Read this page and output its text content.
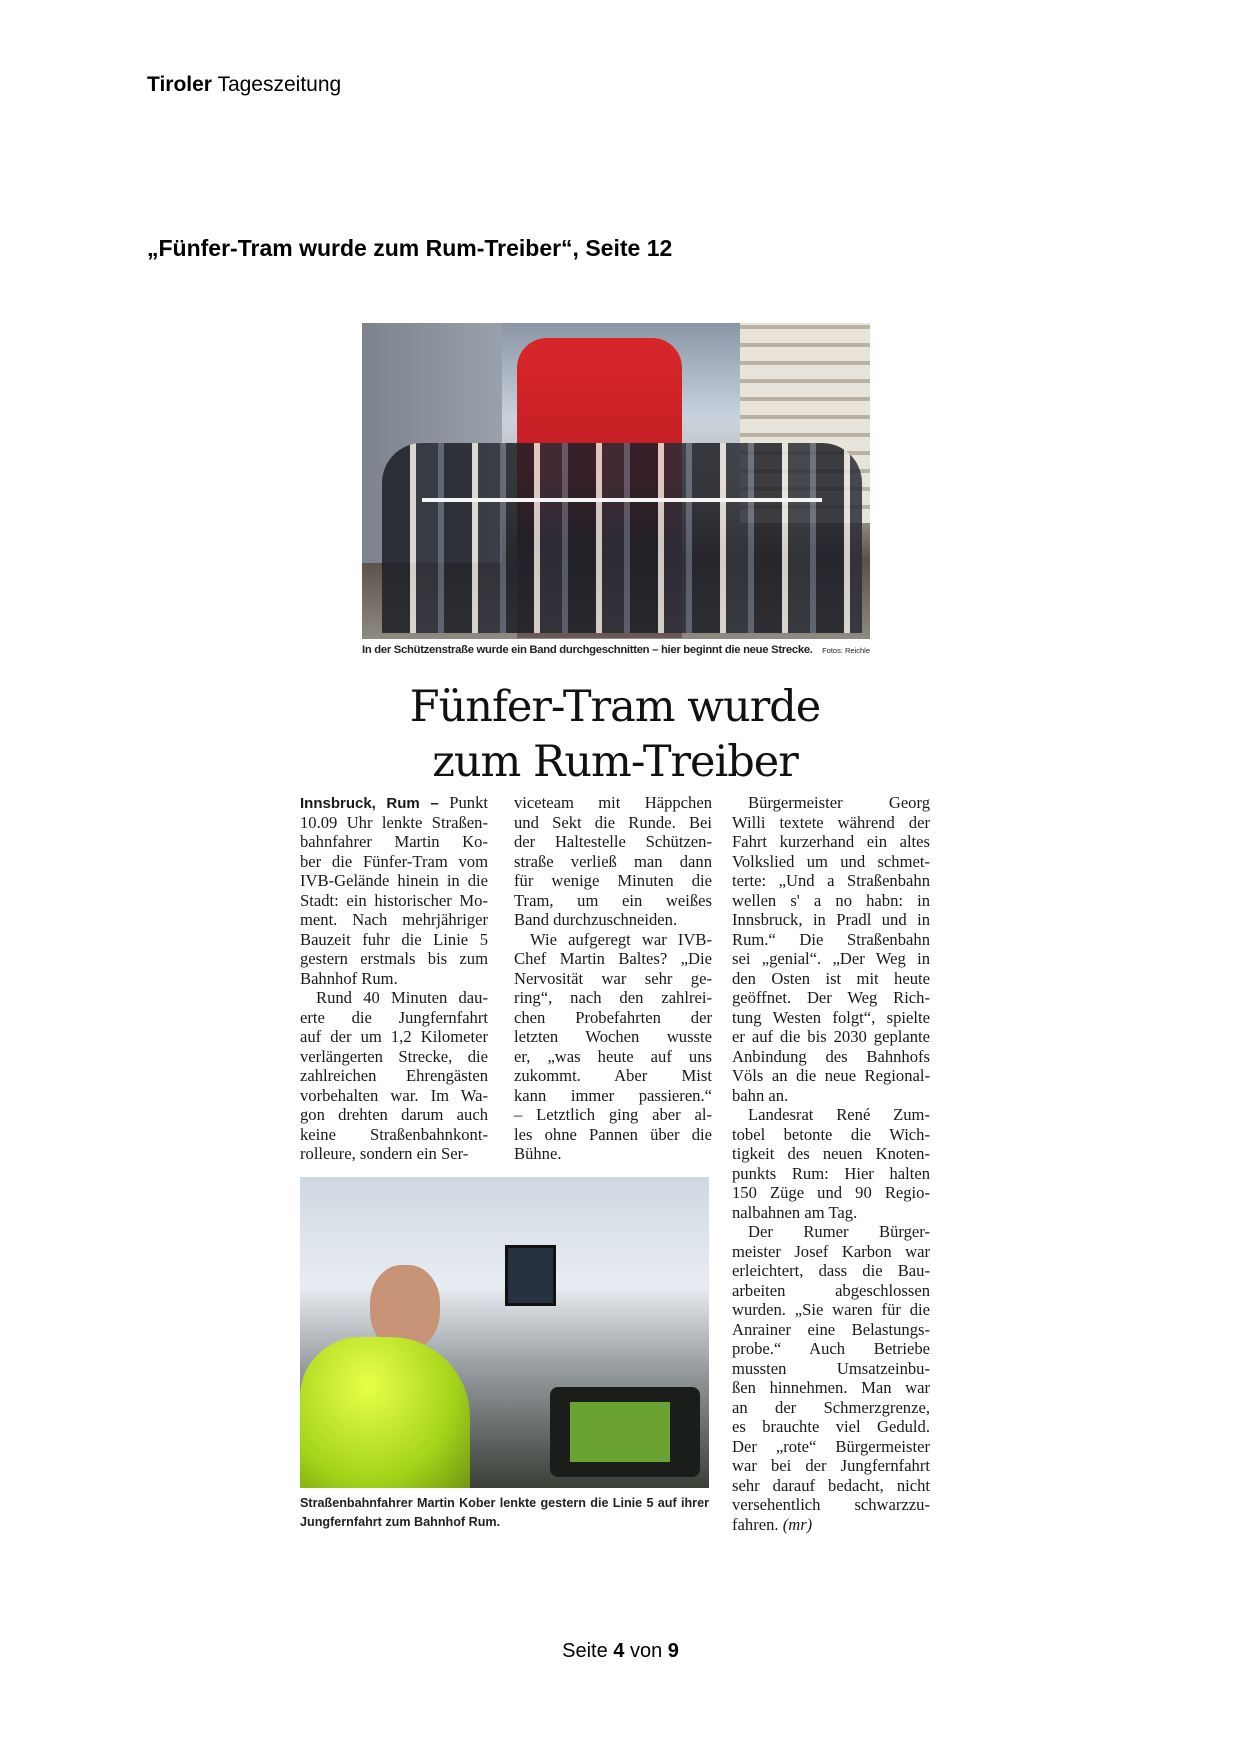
Tiroler Tageszeitung
„Fünfer-Tram wurde zum Rum-Treiber“, Seite 12
In der Schützenstraße wurde ein Band durchgeschnitten – hier beginnt die neue Strecke. Fotos: Reichle
Fünfer-Tram wurde
zum Rum-Treiber
Innsbruck, Rum – Punkt
10.09 Uhr lenkte Straßen-
bahnfahrer Martin Ko-
ber die Fünfer-Tram vom
IVB-Gelände hinein in die
Stadt: ein historischer Mo-
ment. Nach mehrjähriger
Bauzeit fuhr die Linie 5
gestern erstmals bis zum
Bahnhof Rum.
Rund 40 Minuten dau-
erte die Jungfernfahrt
auf der um 1,2 Kilometer
verlängerten Strecke, die
zahlreichen Ehrengästen
vorbehalten war. Im Wa-
gon drehten darum auch
keine Straßenbahnkont-
rolleure, sondern ein Ser-
viceteam mit Häppchen
und Sekt die Runde. Bei
der Haltestelle Schützen-
straße verließ man dann
für wenige Minuten die
Tram, um ein weißes
Band durchzuschneiden.
Wie aufgeregt war IVB-
Chef Martin Baltes? „Die
Nervosität war sehr ge-
ring“, nach den zahlrei-
chen Probefahrten der
letzten Wochen wusste
er, „was heute auf uns
zukommt. Aber Mist
kann immer passieren.“
– Letztlich ging aber al-
les ohne Pannen über die
Bühne.
Bürgermeister Georg
Willi textete während der
Fahrt kurzerhand ein altes
Volkslied um und schmet-
terte: „Und a Straßenbahn
wellen s' a no habn: in
Innsbruck, in Pradl und in
Rum.“ Die Straßenbahn
sei „genial“. „Der Weg in
den Osten ist mit heute
geöffnet. Der Weg Rich-
tung Westen folgt“, spielte
er auf die bis 2030 geplante
Anbindung des Bahnhofs
Völs an die neue Regional-
bahn an.
Landesrat René Zum-
tobel betonte die Wich-
tigkeit des neuen Knoten-
punkts Rum: Hier halten
150 Züge und 90 Regio-
nalbahnen am Tag.
Der Rumer Bürger-
meister Josef Karbon war
erleichtert, dass die Bau-
arbeiten abgeschlossen
wurden. „Sie waren für die
Anrainer eine Belastungs-
probe.“ Auch Betriebe
mussten Umsatzeinbu-
ßen hinnehmen. Man war
an der Schmerzgrenze,
es brauchte viel Geduld.
Der „rote“ Bürgermeister
war bei der Jungfernfahrt
sehr darauf bedacht, nicht
versehentlich schwarzzu-
fahren. (mr)
Straßenbahnfahrer Martin Kober lenkte gestern die Linie 5 auf ihrer Jungfernfahrt zum Bahnhof Rum.
Seite 4 von 9
